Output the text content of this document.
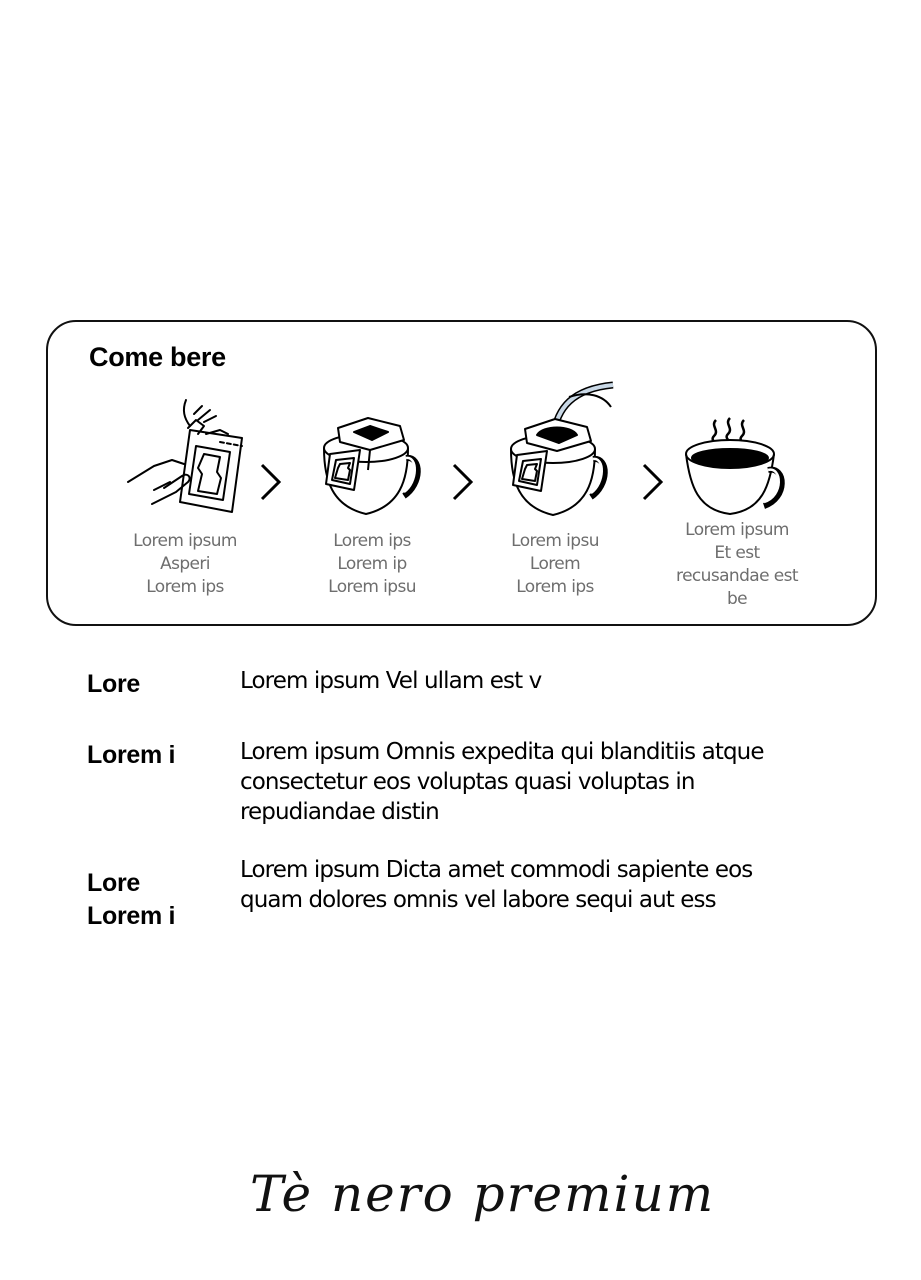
Come bere
Lorem ipsum
Asperi
Lorem ips
Lorem ips
Lorem ip
Lorem ipsu
Lorem ipsu
Lorem
Lorem ips
Lorem ipsum
Et est
recusandae est
be
Lore	Lorem ipsum Vel ullam est v
Lorem i	Lorem ipsum Omnis expedita qui blanditiis atque consectetur eos voluptas quasi voluptas in repudiandae distin
Lore
Lorem i
Lorem ipsum Dicta amet commodi sapiente eos quam dolores omnis vel labore sequi aut ess
Tè nero premium
